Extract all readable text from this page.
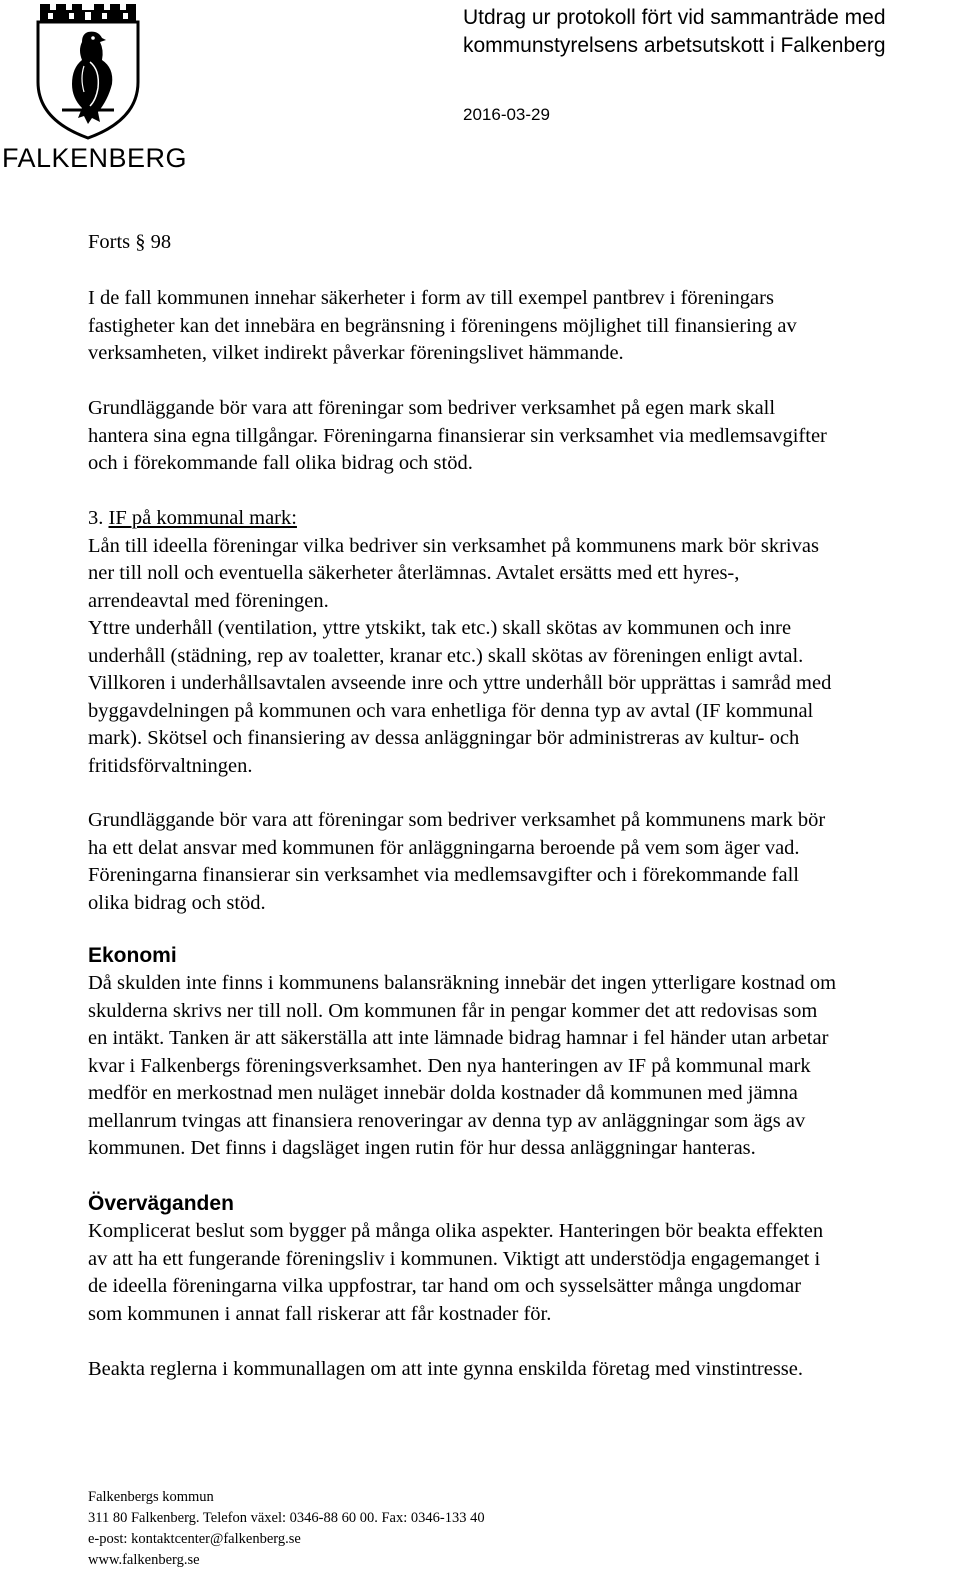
FALKENBERG
Utdrag ur protokoll fört vid sammanträde med
kommunstyrelsens arbetsutskott i Falkenberg
2016-03-29
Forts § 98
I de fall kommunen innehar säkerheter i form av till exempel pantbrev i föreningars
fastigheter kan det innebära en begränsning i föreningens möjlighet till finansiering av
verksamheten, vilket indirekt påverkar föreningslivet hämmande.
Grundläggande bör vara att föreningar som bedriver verksamhet på egen mark skall
hantera sina egna tillgångar. Föreningarna finansierar sin verksamhet via medlemsavgifter
och i förekommande fall olika bidrag och stöd.
3. IF på kommunal mark:
Lån till ideella föreningar vilka bedriver sin verksamhet på kommunens mark bör skrivas
ner till noll och eventuella säkerheter återlämnas. Avtalet ersätts med ett hyres-,
arrendeavtal med föreningen.
Yttre underhåll (ventilation, yttre ytskikt, tak etc.) skall skötas av kommunen och inre
underhåll (städning, rep av toaletter, kranar etc.) skall skötas av föreningen enligt avtal.
Villkoren i underhållsavtalen avseende inre och yttre underhåll bör upprättas i samråd med
byggavdelningen på kommunen och vara enhetliga för denna typ av avtal (IF kommunal
mark). Skötsel och finansiering av dessa anläggningar bör administreras av kultur- och
fritidsförvaltningen.
Grundläggande bör vara att föreningar som bedriver verksamhet på kommunens mark bör
ha ett delat ansvar med kommunen för anläggningarna beroende på vem som äger vad.
Föreningarna finansierar sin verksamhet via medlemsavgifter och i förekommande fall
olika bidrag och stöd.
Ekonomi
Då skulden inte finns i kommunens balansräkning innebär det ingen ytterligare kostnad om
skulderna skrivs ner till noll. Om kommunen får in pengar kommer det att redovisas som
en intäkt. Tanken är att säkerställa att inte lämnade bidrag hamnar i fel händer utan arbetar
kvar i Falkenbergs föreningsverksamhet. Den nya hanteringen av IF på kommunal mark
medför en merkostnad men nuläget innebär dolda kostnader då kommunen med jämna
mellanrum tvingas att finansiera renoveringar av denna typ av anläggningar som ägs av
kommunen. Det finns i dagsläget ingen rutin för hur dessa anläggningar hanteras.
Överväganden
Komplicerat beslut som bygger på många olika aspekter. Hanteringen bör beakta effekten
av att ha ett fungerande föreningsliv i kommunen. Viktigt att understödja engagemanget i
de ideella föreningarna vilka uppfostrar, tar hand om och sysselsätter många ungdomar
som kommunen i annat fall riskerar att får kostnader för.
Beakta reglerna i kommunallagen om att inte gynna enskilda företag med vinstintresse.
Falkenbergs kommun
311 80 Falkenberg. Telefon växel: 0346-88 60 00. Fax: 0346-133 40
e-post: kontaktcenter@falkenberg.se
www.falkenberg.se
